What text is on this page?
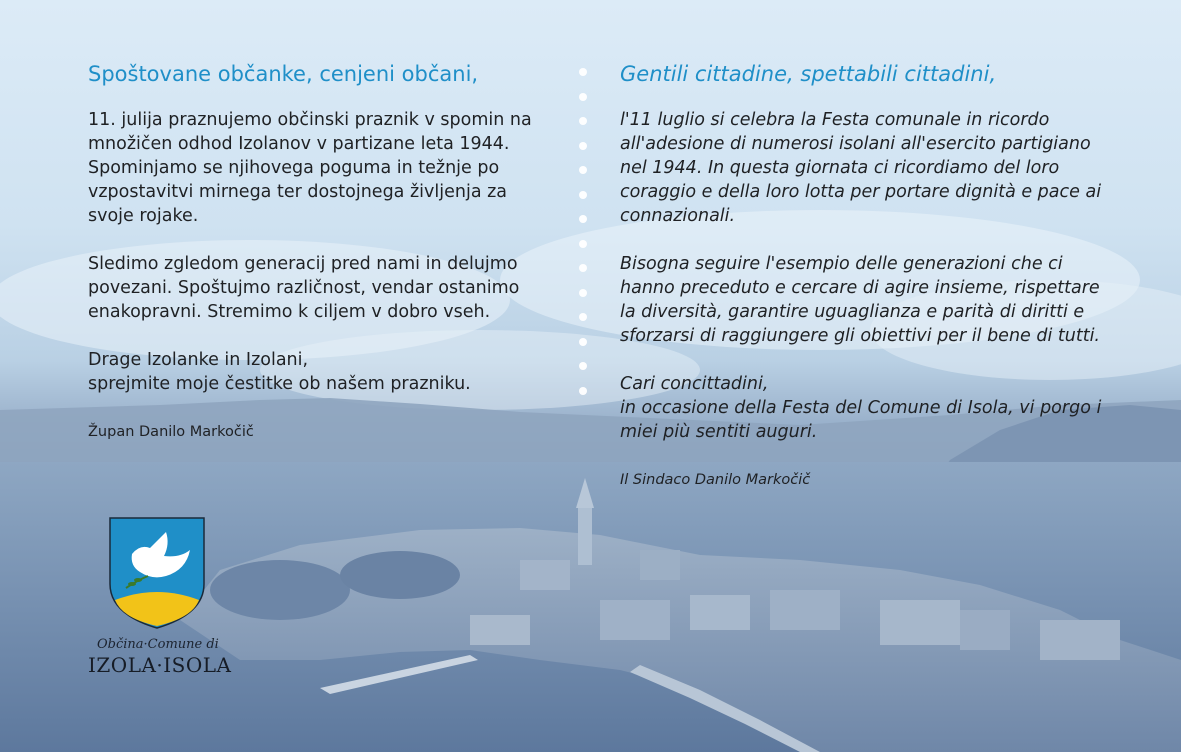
Spoštovane občanke, cenjeni občani,

11. julija praznujemo občinski praznik v spomin na množičen odhod Izolanov v partizane leta 1944. Spominjamo se njihovega poguma in težnje po vzpostavitvi mirnega ter dostojnega življenja za svoje rojake.

Sledimo zgledom generacij pred nami in delujmo povezani. Spoštujmo različnost, vendar ostanimo enakopravni. Stremimo k ciljem v dobro vseh.

Drage Izolanke in Izolani,
sprejmite moje čestitke ob našem prazniku.

Župan Danilo Markočič
Gentili cittadine, spettabili cittadini,

l'11 luglio si celebra la Festa comunale in ricordo all'adesione di numerosi isolani all'esercito partigiano nel 1944. In questa giornata ci ricordiamo del loro coraggio e della loro lotta per portare dignità e pace ai connazionali.

Bisogna seguire l'esempio delle generazioni che ci hanno preceduto e cercare di agire insieme, rispettare la diversità, garantire uguaglianza e parità di diritti e sforzarsi di raggiungere gli obiettivi per il bene di tutti.

Cari concittadini,
in occasione della Festa del Comune di Isola, vi porgo i miei più sentiti auguri.

Il Sindaco Danilo Markočič
Občina·Comune di
IZOLA·ISOLA
